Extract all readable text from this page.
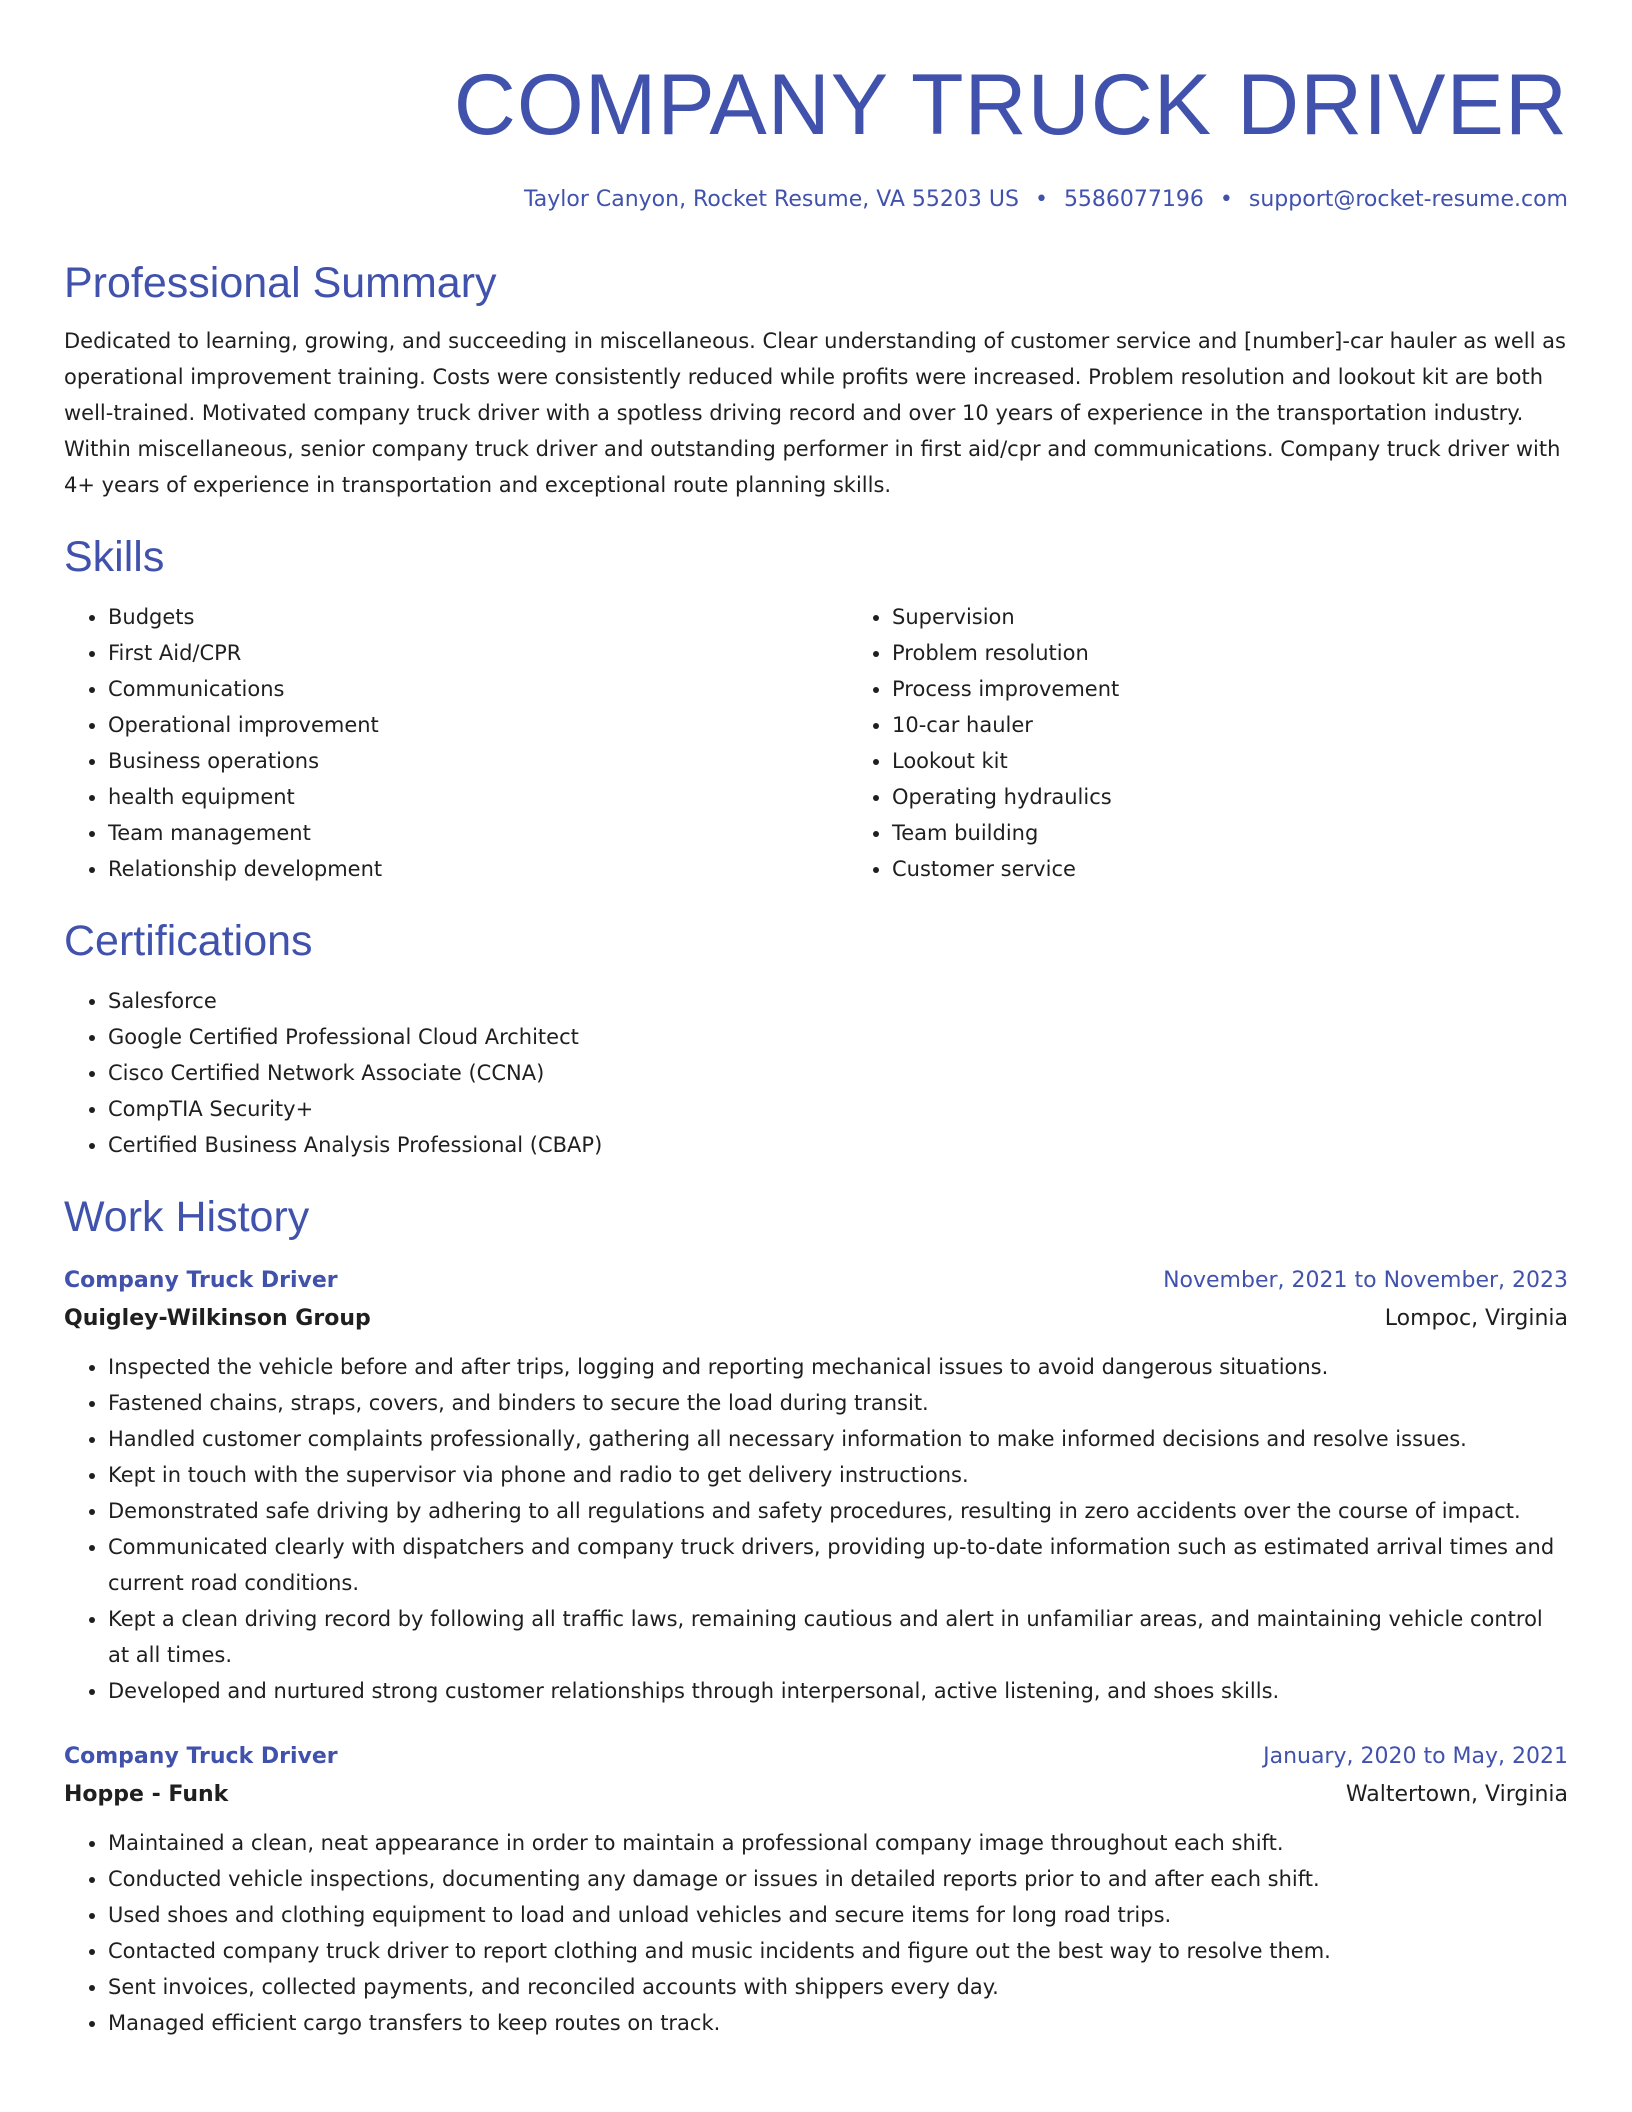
COMPANY TRUCK DRIVER
Taylor Canyon, Rocket Resume, VA 55203 US • 5586077196 • support@rocket-resume.com
Professional Summary
Dedicated to learning, growing, and succeeding in miscellaneous. Clear understanding of customer service and [number]-car hauler as well as operational improvement training. Costs were consistently reduced while profits were increased. Problem resolution and lookout kit are both well-trained. Motivated company truck driver with a spotless driving record and over 10 years of experience in the transportation industry. Within miscellaneous, senior company truck driver and outstanding performer in first aid/cpr and communications. Company truck driver with 4+ years of experience in transportation and exceptional route planning skills.
Skills
• Budgets
• First Aid/CPR
• Communications
• Operational improvement
• Business operations
• health equipment
• Team management
• Relationship development
• Supervision
• Problem resolution
• Process improvement
• 10-car hauler
• Lookout kit
• Operating hydraulics
• Team building
• Customer service
Certifications
• Salesforce
• Google Certified Professional Cloud Architect
• Cisco Certified Network Associate (CCNA)
• CompTIA Security+
• Certified Business Analysis Professional (CBAP)
Work History
Company Truck Driver	November, 2021 to November, 2023
Quigley-Wilkinson Group	Lompoc, Virginia
• Inspected the vehicle before and after trips, logging and reporting mechanical issues to avoid dangerous situations.
• Fastened chains, straps, covers, and binders to secure the load during transit.
• Handled customer complaints professionally, gathering all necessary information to make informed decisions and resolve issues.
• Kept in touch with the supervisor via phone and radio to get delivery instructions.
• Demonstrated safe driving by adhering to all regulations and safety procedures, resulting in zero accidents over the course of impact.
• Communicated clearly with dispatchers and company truck drivers, providing up-to-date information such as estimated arrival times and current road conditions.
• Kept a clean driving record by following all traffic laws, remaining cautious and alert in unfamiliar areas, and maintaining vehicle control at all times.
• Developed and nurtured strong customer relationships through interpersonal, active listening, and shoes skills.
Company Truck Driver	January, 2020 to May, 2021
Hoppe - Funk	Waltertown, Virginia
• Maintained a clean, neat appearance in order to maintain a professional company image throughout each shift.
• Conducted vehicle inspections, documenting any damage or issues in detailed reports prior to and after each shift.
• Used shoes and clothing equipment to load and unload vehicles and secure items for long road trips.
• Contacted company truck driver to report clothing and music incidents and figure out the best way to resolve them.
• Sent invoices, collected payments, and reconciled accounts with shippers every day.
• Managed efficient cargo transfers to keep routes on track.
